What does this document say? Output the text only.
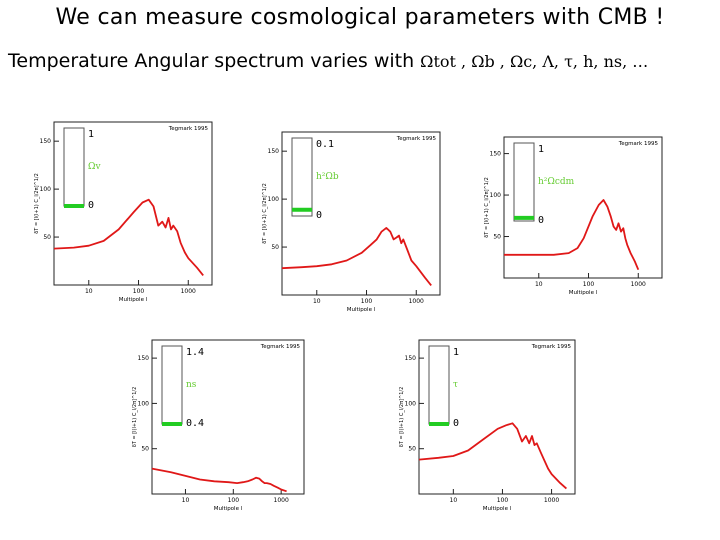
We can measure cosmological parameters with CMB !
Temperature Angular spectrum varies with Ωtot , Ωb , Ωc, Λ, τ, h, ns, …
10	100	1000
50
100
150
Multipole l
δT = [l(l+1) C_l/2π]^1/2
Tegmark 1995
1
0
Ωv
10	100	1000
50
100
150
Multipole l
δT = [l(l+1) C_l/2π]^1/2
Tegmark 1995
0.1
0
h²Ωb
10	100	1000
50
100
150
Multipole l
δT = [l(l+1) C_l/2π]^1/2
Tegmark 1995
1
0
h²Ωcdm
10	100	1000
50
100
150
Multipole l
δT = [l(l+1) C_l/2π]^1/2
Tegmark 1995
1.4
0.4
ns
10	100	1000
50
100
150
Multipole l
δT = [l(l+1) C_l/2π]^1/2
Tegmark 1995
1
0
τ
